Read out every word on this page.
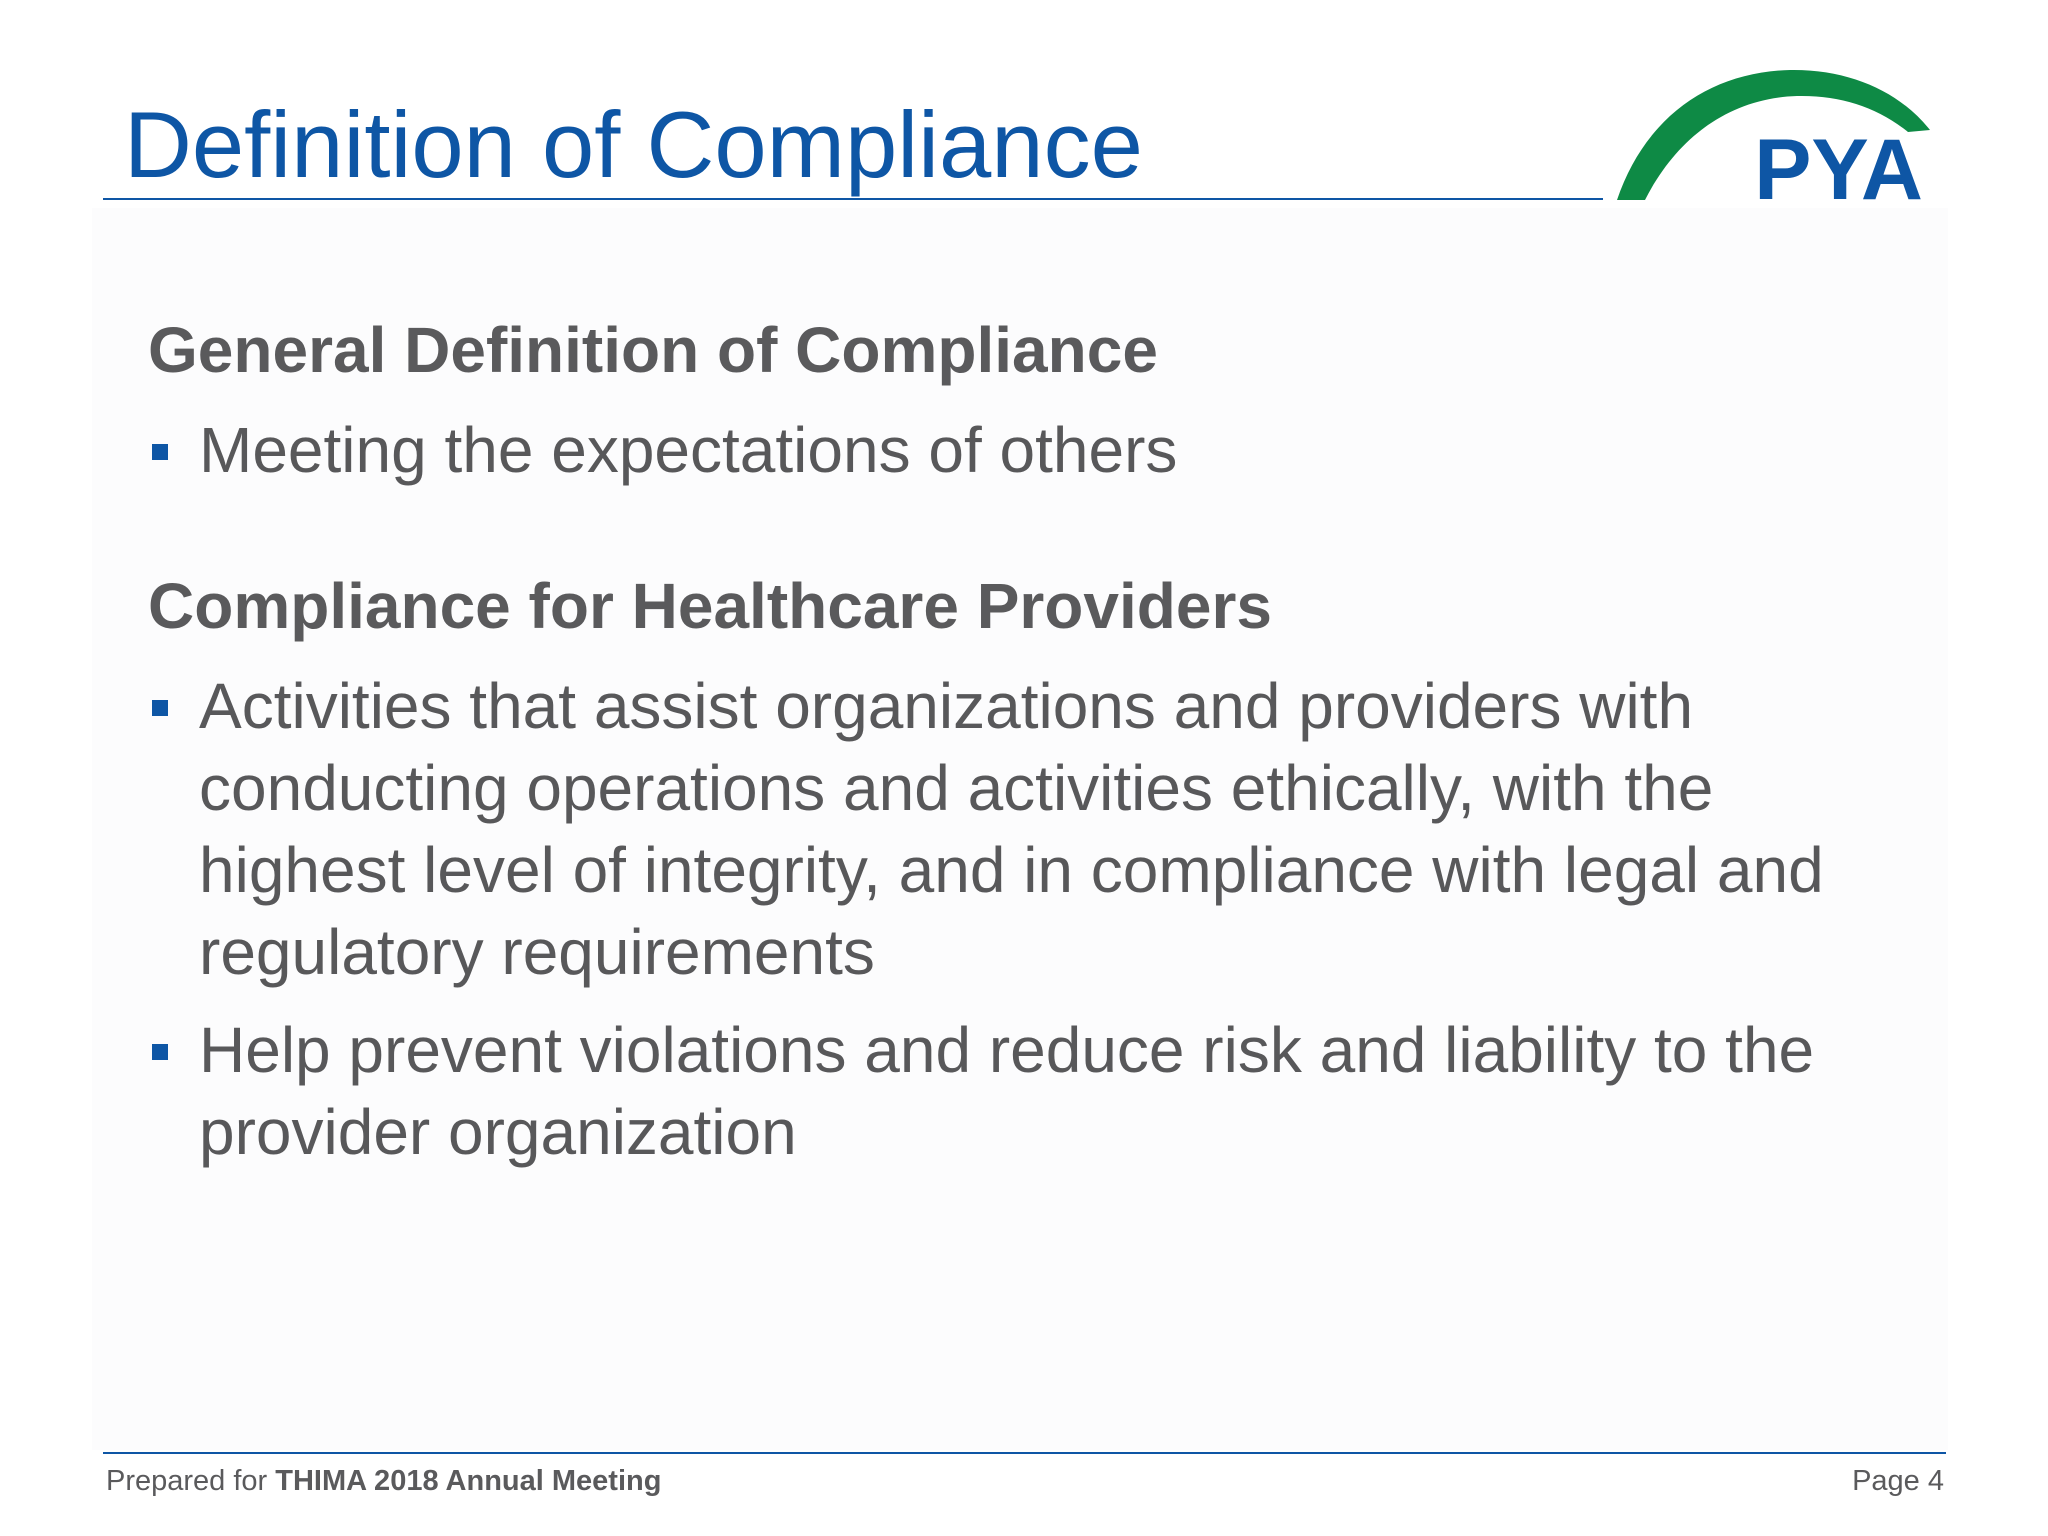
Definition of Compliance	PYA
General Definition of Compliance
Meeting the expectations of others
Compliance for Healthcare Providers
Activities that assist organizations and providers with conducting operations and activities ethically, with the highest level of integrity, and in compliance with legal and regulatory requirements
Help prevent violations and reduce risk and liability to the provider organization
Prepared for THIMA 2018 Annual Meeting	Page 4
